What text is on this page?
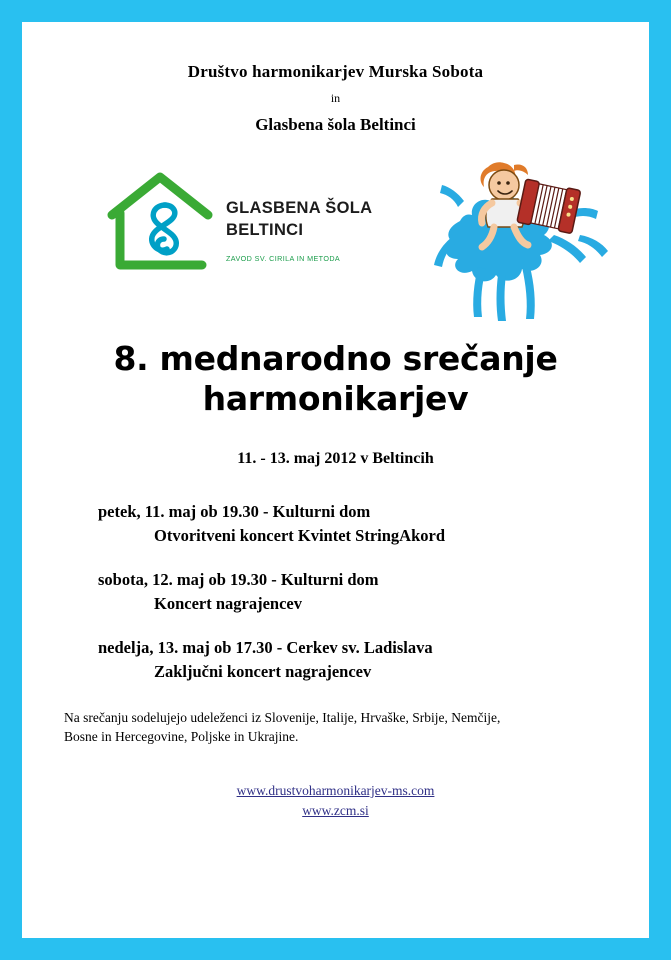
Društvo harmonikarjev Murska Sobota
in
Glasbena šola Beltinci
GLASBENA ŠOLA
BELTINCI
ZAVOD SV. CIRILA IN METODA
8. mednarodno srečanje
harmonikarjev
11. - 13. maj 2012 v Beltincih
petek, 11. maj ob 19.30 - Kulturni dom
Otvoritveni koncert Kvintet StringAkord
sobota, 12. maj ob 19.30 - Kulturni dom
Koncert nagrajencev
nedelja, 13. maj ob 17.30 - Cerkev sv. Ladislava
Zaključni koncert nagrajencev
Na srečanju sodelujejo udeleženci iz Slovenije, Italije, Hrvaške, Srbije, Nemčije,
Bosne in Hercegovine, Poljske in Ukrajine.
www.drustvoharmonikarjev-ms.com
www.zcm.si
